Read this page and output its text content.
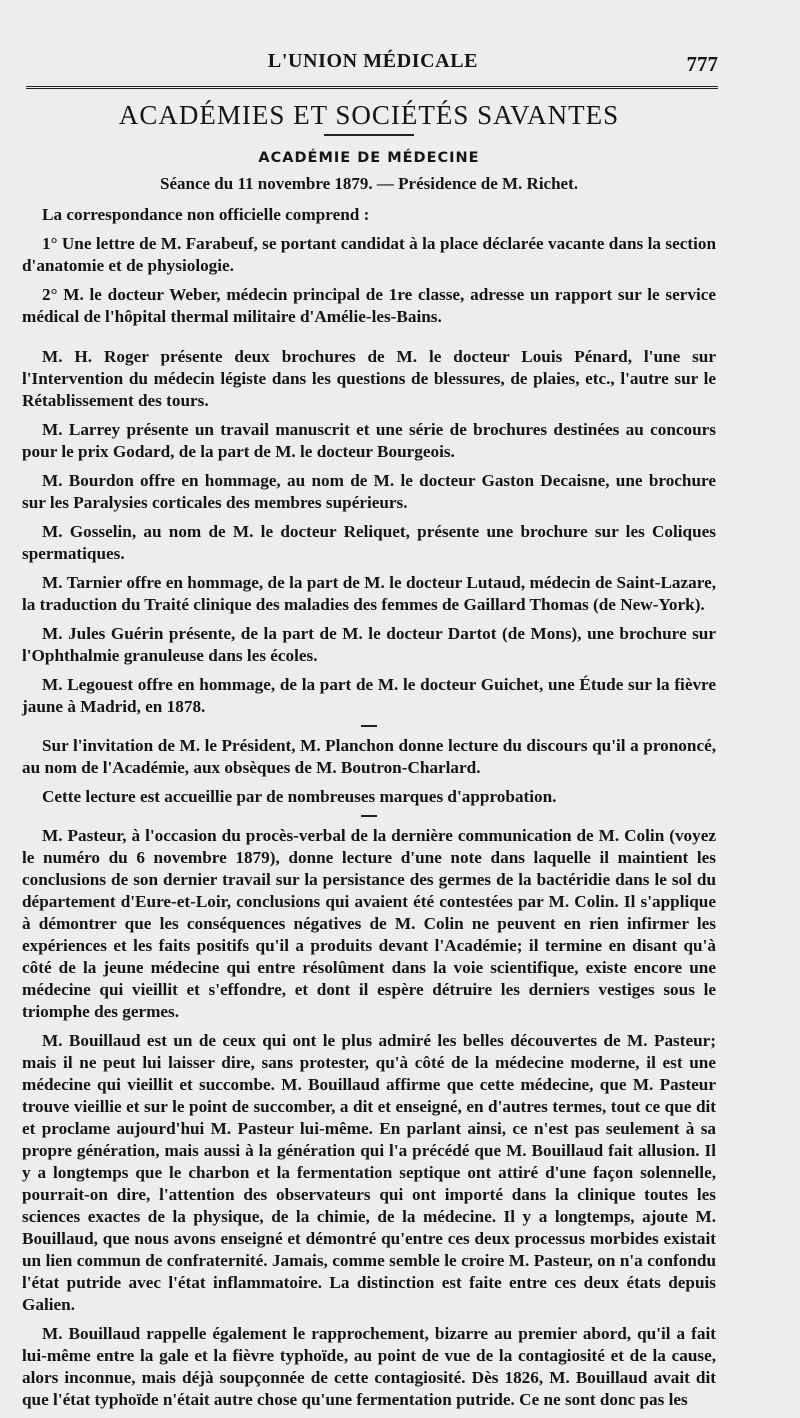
L'UNION MÉDICALE	777
ACADÉMIES ET SOCIÉTÉS SAVANTES
ACADÉMIE DE MÉDECINE
Séance du 11 novembre 1879. — Présidence de M. Richet.

La correspondance non officielle comprend :

1° Une lettre de M. Farabeuf, se portant candidat à la place déclarée vacante dans la section d'anatomie et de physiologie.

2° M. le docteur Weber, médecin principal de 1re classe, adresse un rapport sur le service médical de l'hôpital thermal militaire d'Amélie-les-Bains.

M. H. Roger présente deux brochures de M. le docteur Louis Pénard, l'une sur l'Intervention du médecin légiste dans les questions de blessures, de plaies, etc., l'autre sur le Rétablissement des tours.

M. Larrey présente un travail manuscrit et une série de brochures destinées au concours pour le prix Godard, de la part de M. le docteur Bourgeois.

M. Bourdon offre en hommage, au nom de M. le docteur Gaston Decaisne, une brochure sur les Paralysies corticales des membres supérieurs.

M. Gosselin, au nom de M. le docteur Reliquet, présente une brochure sur les Coliques spermatiques.

M. Tarnier offre en hommage, de la part de M. le docteur Lutaud, médecin de Saint-Lazare, la traduction du Traité clinique des maladies des femmes de Gaillard Thomas (de New-York).

M. Jules Guérin présente, de la part de M. le docteur Dartot (de Mons), une brochure sur l'Ophthalmie granuleuse dans les écoles.

M. Legouest offre en hommage, de la part de M. le docteur Guichet, une Étude sur la fièvre jaune à Madrid, en 1878.

Sur l'invitation de M. le Président, M. Planchon donne lecture du discours qu'il a prononcé, au nom de l'Académie, aux obsèques de M. Boutron-Charlard.

Cette lecture est accueillie par de nombreuses marques d'approbation.

M. Pasteur, à l'occasion du procès-verbal de la dernière communication de M. Colin (voyez le numéro du 6 novembre 1879), donne lecture d'une note dans laquelle il maintient les conclusions de son dernier travail sur la persistance des germes de la bactéridie dans le sol du département d'Eure-et-Loir, conclusions qui avaient été contestées par M. Colin. Il s'applique à démontrer que les conséquences négatives de M. Colin ne peuvent en rien infirmer les expériences et les faits positifs qu'il a produits devant l'Académie; il termine en disant qu'à côté de la jeune médecine qui entre résolûment dans la voie scientifique, existe encore une médecine qui vieillit et s'effondre, et dont il espère détruire les derniers vestiges sous le triomphe des germes.

M. Bouillaud est un de ceux qui ont le plus admiré les belles découvertes de M. Pasteur; mais il ne peut lui laisser dire, sans protester, qu'à côté de la médecine moderne, il est une médecine qui vieillit et succombe. M. Bouillaud affirme que cette médecine, que M. Pasteur trouve vieillie et sur le point de succomber, a dit et enseigné, en d'autres termes, tout ce que dit et proclame aujourd'hui M. Pasteur lui-même. En parlant ainsi, ce n'est pas seulement à sa propre génération, mais aussi à la génération qui l'a précédé que M. Bouillaud fait allusion. Il y a longtemps que le charbon et la fermentation septique ont attiré d'une façon solennelle, pourrait-on dire, l'attention des observateurs qui ont importé dans la clinique toutes les sciences exactes de la physique, de la chimie, de la médecine. Il y a longtemps, ajoute M. Bouillaud, que nous avons enseigné et démontré qu'entre ces deux processus morbides existait un lien commun de confraternité. Jamais, comme semble le croire M. Pasteur, on n'a confondu l'état putride avec l'état inflammatoire. La distinction est faite entre ces deux états depuis Galien.

M. Bouillaud rappelle également le rapprochement, bizarre au premier abord, qu'il a fait lui-même entre la gale et la fièvre typhoïde, au point de vue de la contagiosité et de la cause, alors inconnue, mais déjà soupçonnée de cette contagiosité. Dès 1826, M. Bouillaud avait dit que l'état typhoïde n'était autre chose qu'une fermentation putride. Ce ne sont donc pas les
